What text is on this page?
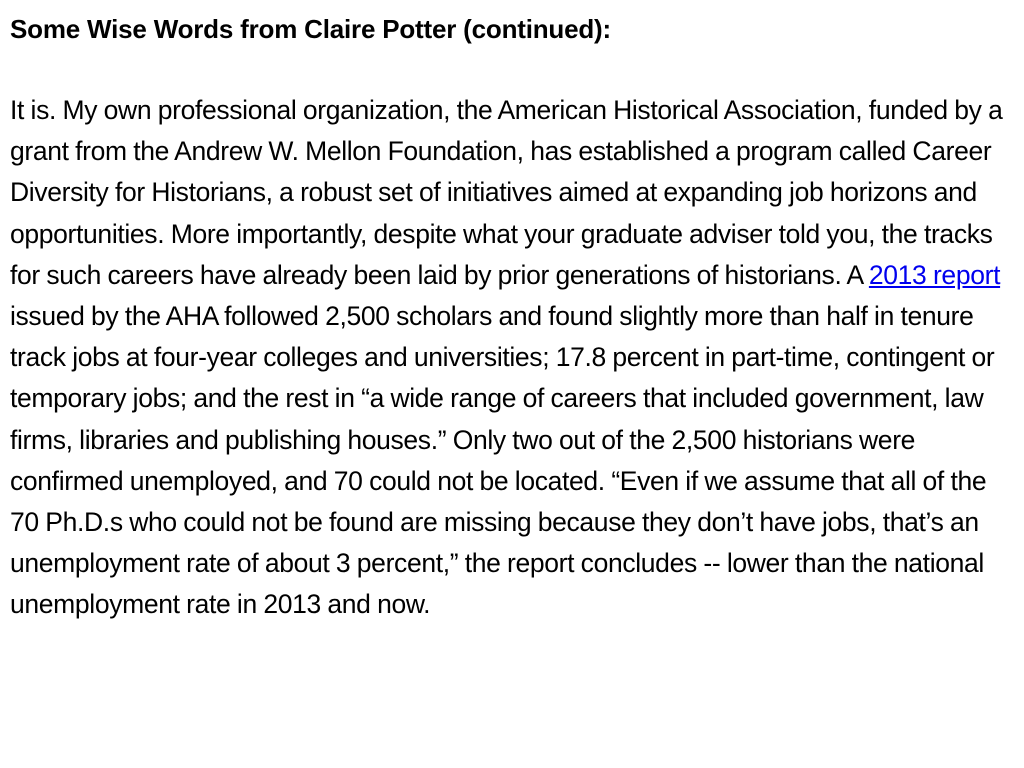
Some Wise Words from Claire Potter (continued):

It is. My own professional organization, the American Historical Association, funded by a grant from the Andrew W. Mellon Foundation, has established a program called Career Diversity for Historians, a robust set of initiatives aimed at expanding job horizons and opportunities. More importantly, despite what your graduate adviser told you, the tracks for such careers have already been laid by prior generations of historians. A 2013 report issued by the AHA followed 2,500 scholars and found slightly more than half in tenure track jobs at four-year colleges and universities; 17.8 percent in part-time, contingent or temporary jobs; and the rest in “a wide range of careers that included government, law firms, libraries and publishing houses.” Only two out of the 2,500 historians were confirmed unemployed, and 70 could not be located. “Even if we assume that all of the 70 Ph.D.s who could not be found are missing because they don’t have jobs, that’s an unemployment rate of about 3 percent,” the report concludes -- lower than the national unemployment rate in 2013 and now.
